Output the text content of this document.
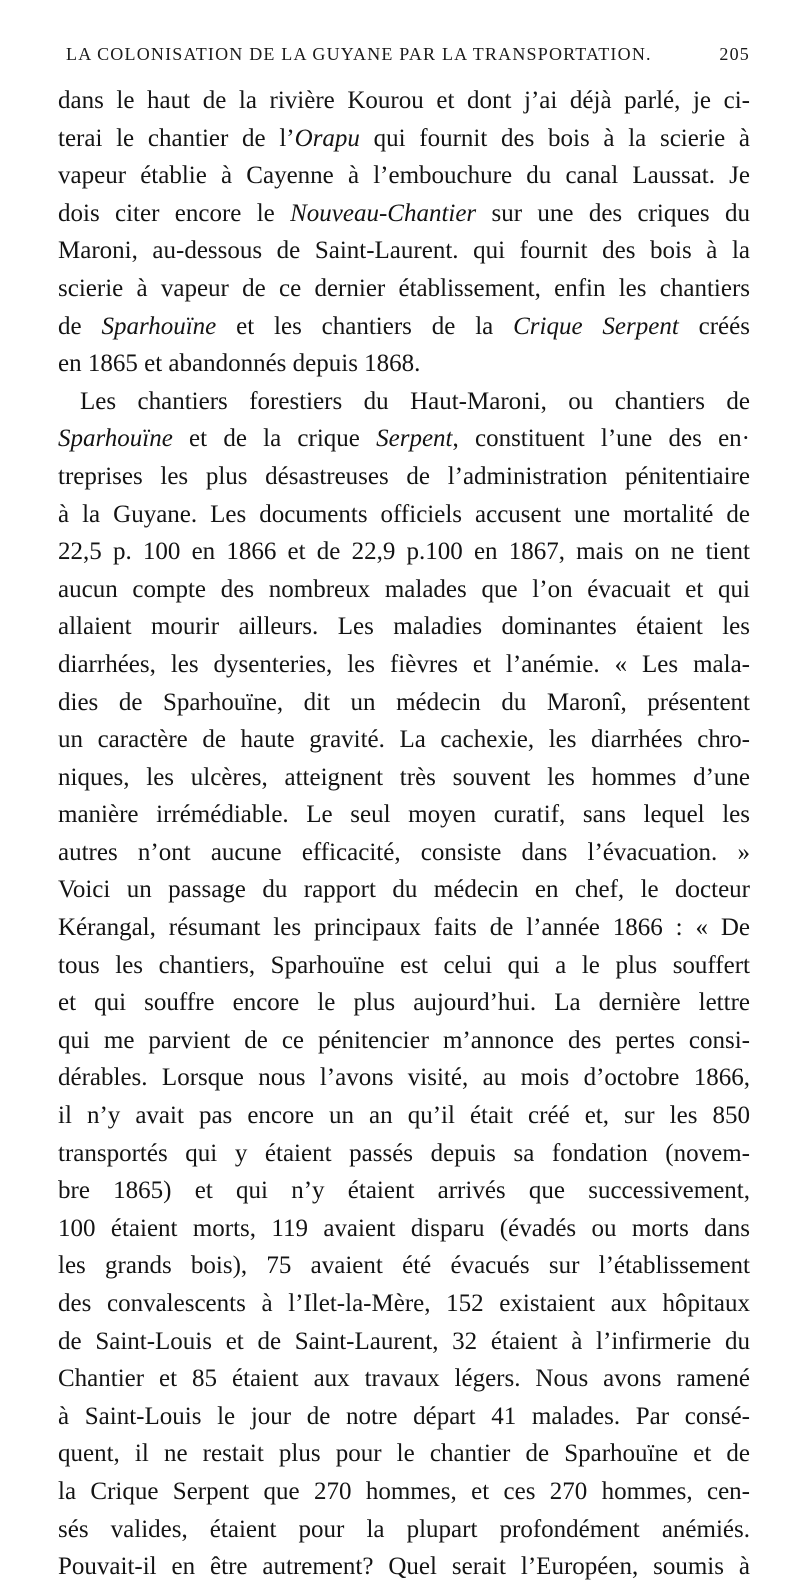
LA COLONISATION DE LA GUYANE PAR LA TRANSPORTATION.	205
dans le haut de la rivière Kourou et dont j’ai déjà parlé, je ci-
terai le chantier de l’Orapu qui fournit des bois à la scierie à
vapeur établie à Cayenne à l’embouchure du canal Laussat. Je
dois citer encore le Nouveau-Chantier sur une des criques du
Maroni, au-dessous de Saint-Laurent. qui fournit des bois à la
scierie à vapeur de ce dernier établissement, enfin les chantiers
de Sparhouïne et les chantiers de la Crique Serpent créés
en 1865 et abandonnés depuis 1868.
Les chantiers forestiers du Haut-Maroni, ou chantiers de
Sparhouïne et de la crique Serpent, constituent l’une des en·
treprises les plus désastreuses de l’administration pénitentiaire
à la Guyane. Les documents officiels accusent une mortalité de
22,5 p. 100 en 1866 et de 22,9 p.100 en 1867, mais on ne tient
aucun compte des nombreux malades que l’on évacuait et qui
allaient mourir ailleurs. Les maladies dominantes étaient les
diarrhées, les dysenteries, les fièvres et l’anémie. « Les mala-
dies de Sparhouïne, dit un médecin du Maronî, présentent
un caractère de haute gravité. La cachexie, les diarrhées chro-
niques, les ulcères, atteignent très souvent les hommes d’une
manière irrémédiable. Le seul moyen curatif, sans lequel les
autres n’ont aucune efficacité, consiste dans l’évacuation. »
Voici un passage du rapport du médecin en chef, le docteur
Kérangal, résumant les principaux faits de l’année 1866 : « De
tous les chantiers, Sparhouïne est celui qui a le plus souffert
et qui souffre encore le plus aujourd’hui. La dernière lettre
qui me parvient de ce pénitencier m’annonce des pertes consi-
dérables. Lorsque nous l’avons visité, au mois d’octobre 1866,
il n’y avait pas encore un an qu’il était créé et, sur les 850
transportés qui y étaient passés depuis sa fondation (novem-
bre 1865) et qui n’y étaient arrivés que successivement,
100 étaient morts, 119 avaient disparu (évadés ou morts dans
les grands bois), 75 avaient été évacués sur l’établissement
des convalescents à l’Ilet-la-Mère, 152 existaient aux hôpitaux
de Saint-Louis et de Saint-Laurent, 32 étaient à l’infirmerie du
Chantier et 85 étaient aux travaux légers. Nous avons ramené
à Saint-Louis le jour de notre départ 41 malades. Par consé-
quent, il ne restait plus pour le chantier de Sparhouïne et de
la Crique Serpent que 270 hommes, et ces 270 hommes, cen-
sés valides, étaient pour la plupart profondément anémiés.
Pouvait-il en être autrement? Quel serait l’Européen, soumis à
